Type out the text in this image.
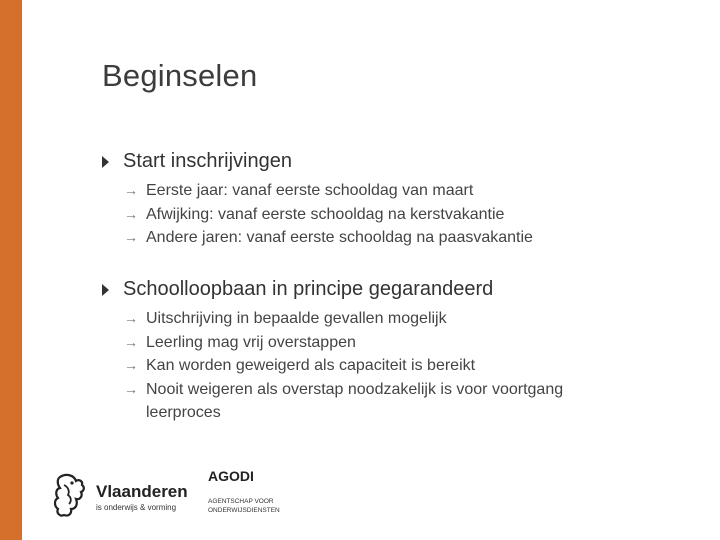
Beginselen
Start inschrijvingen
→ Eerste jaar: vanaf eerste schooldag van maart
→ Afwijking: vanaf eerste schooldag na kerstvakantie
→ Andere jaren: vanaf eerste schooldag na paasvakantie
Schoolloopbaan in principe gegarandeerd
→ Uitschrijving in bepaalde gevallen mogelijk
→ Leerling mag vrij overstappen
→ Kan worden geweigerd als capaciteit is bereikt
→ Nooit weigeren als overstap noodzakelijk is voor voortgang leerproces
Vlaanderen
is onderwijs & vorming
AGODI
AGENTSCHAP VOOR
ONDERWIJSDIENSTEN
